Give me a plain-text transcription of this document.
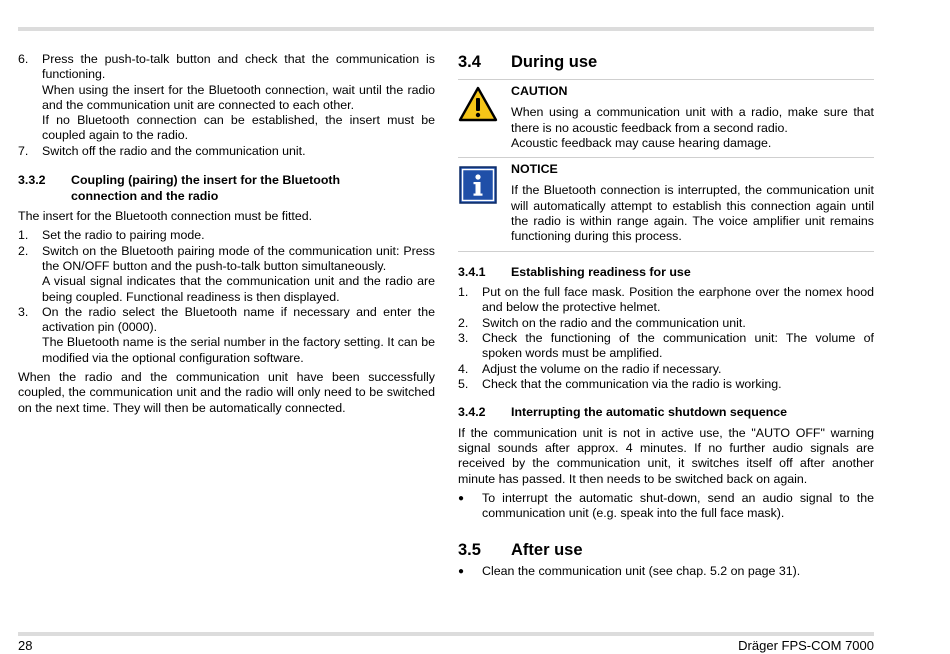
6.	Press the push-to-talk button and check that the communication is functioning.
When using the insert for the Bluetooth connection, wait until the radio and the communication unit are connected to each other.
If no Bluetooth connection can be established, the insert must be coupled again to the radio.
7.	Switch off the radio and the communication unit.
3.3.2	Coupling (pairing) the insert for the Bluetooth connection and the radio
The insert for the Bluetooth connection must be fitted.
1.	Set the radio to pairing mode.
2.	Switch on the Bluetooth pairing mode of the communication unit: Press the ON/OFF button and the push-to-talk button simultaneously.
A visual signal indicates that the communication unit and the radio are being coupled. Functional readiness is then displayed.
3.	On the radio select the Bluetooth name if necessary and enter the activation pin (0000).
The Bluetooth name is the serial number in the factory setting. It can be modified via the optional configuration software.
When the radio and the communication unit have been successfully coupled, the communication unit and the radio will only need to be switched on the next time. They will then be automatically connected.
3.4	During use
CAUTION
When using a communication unit with a radio, make sure that there is no acoustic feedback from a second radio.
Acoustic feedback may cause hearing damage.
NOTICE
If the Bluetooth connection is interrupted, the communication unit will automatically attempt to establish this connection again until the radio is within range again. The voice amplifier unit remains functioning during this process.
3.4.1	Establishing readiness for use
1.	Put on the full face mask. Position the earphone over the nomex hood and below the protective helmet.
2.	Switch on the radio and the communication unit.
3.	Check the functioning of the communication unit: The volume of spoken words must be amplified.
4.	Adjust the volume on the radio if necessary.
5.	Check that the communication via the radio is working.
3.4.2	Interrupting the automatic shutdown sequence
If the communication unit is not in active use, the "AUTO OFF" warning signal sounds after approx. 4 minutes. If no further audio signals are received by the communication unit, it switches itself off after another minute has passed. It then needs to be switched back on again.
●	To interrupt the automatic shut-down, send an audio signal to the communication unit (e.g. speak into the full face mask).
3.5	After use
●	Clean the communication unit (see chap. 5.2 on page 31).
28	Dräger FPS-COM 7000
